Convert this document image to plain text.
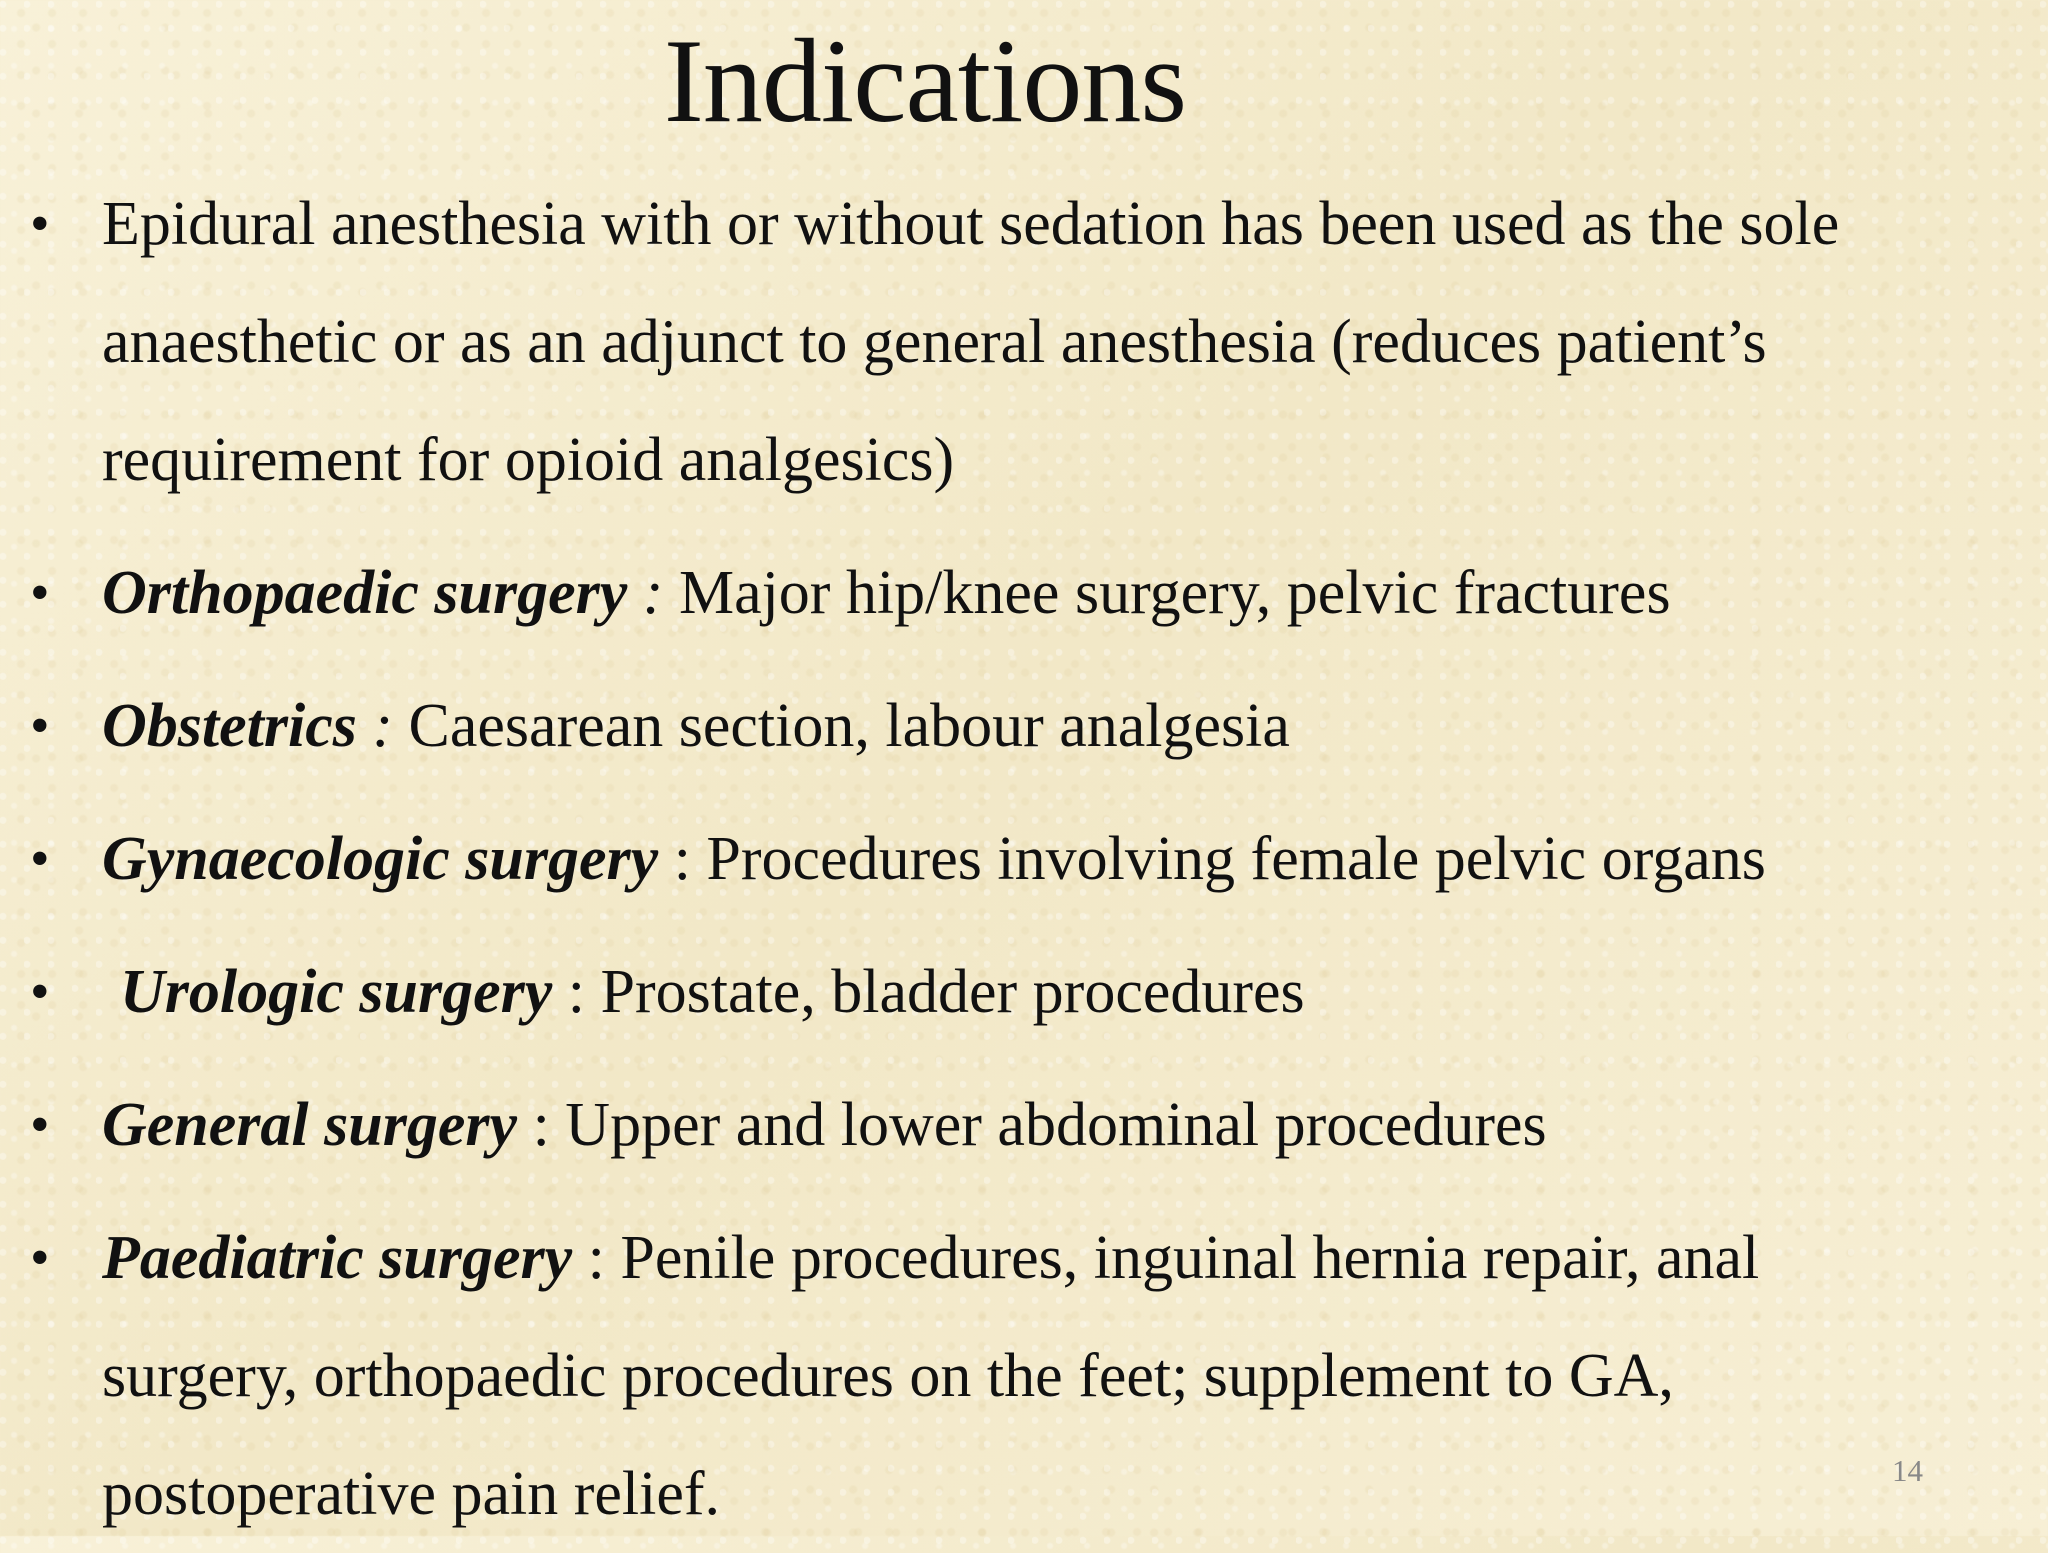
Indications
• Epidural anesthesia with or without sedation has been used as the sole anaesthetic or as an adjunct to general anesthesia (reduces patient’s requirement for opioid analgesics)
• Orthopaedic surgery : Major hip/knee surgery, pelvic fractures
• Obstetrics : Caesarean section, labour analgesia
• Gynaecologic surgery : Procedures involving female pelvic organs
•	Urologic surgery : Prostate, bladder procedures
• General surgery : Upper and lower abdominal procedures
• Paediatric surgery : Penile procedures, inguinal hernia repair, anal surgery, orthopaedic procedures on the feet; supplement to GA, postoperative pain relief.	14
